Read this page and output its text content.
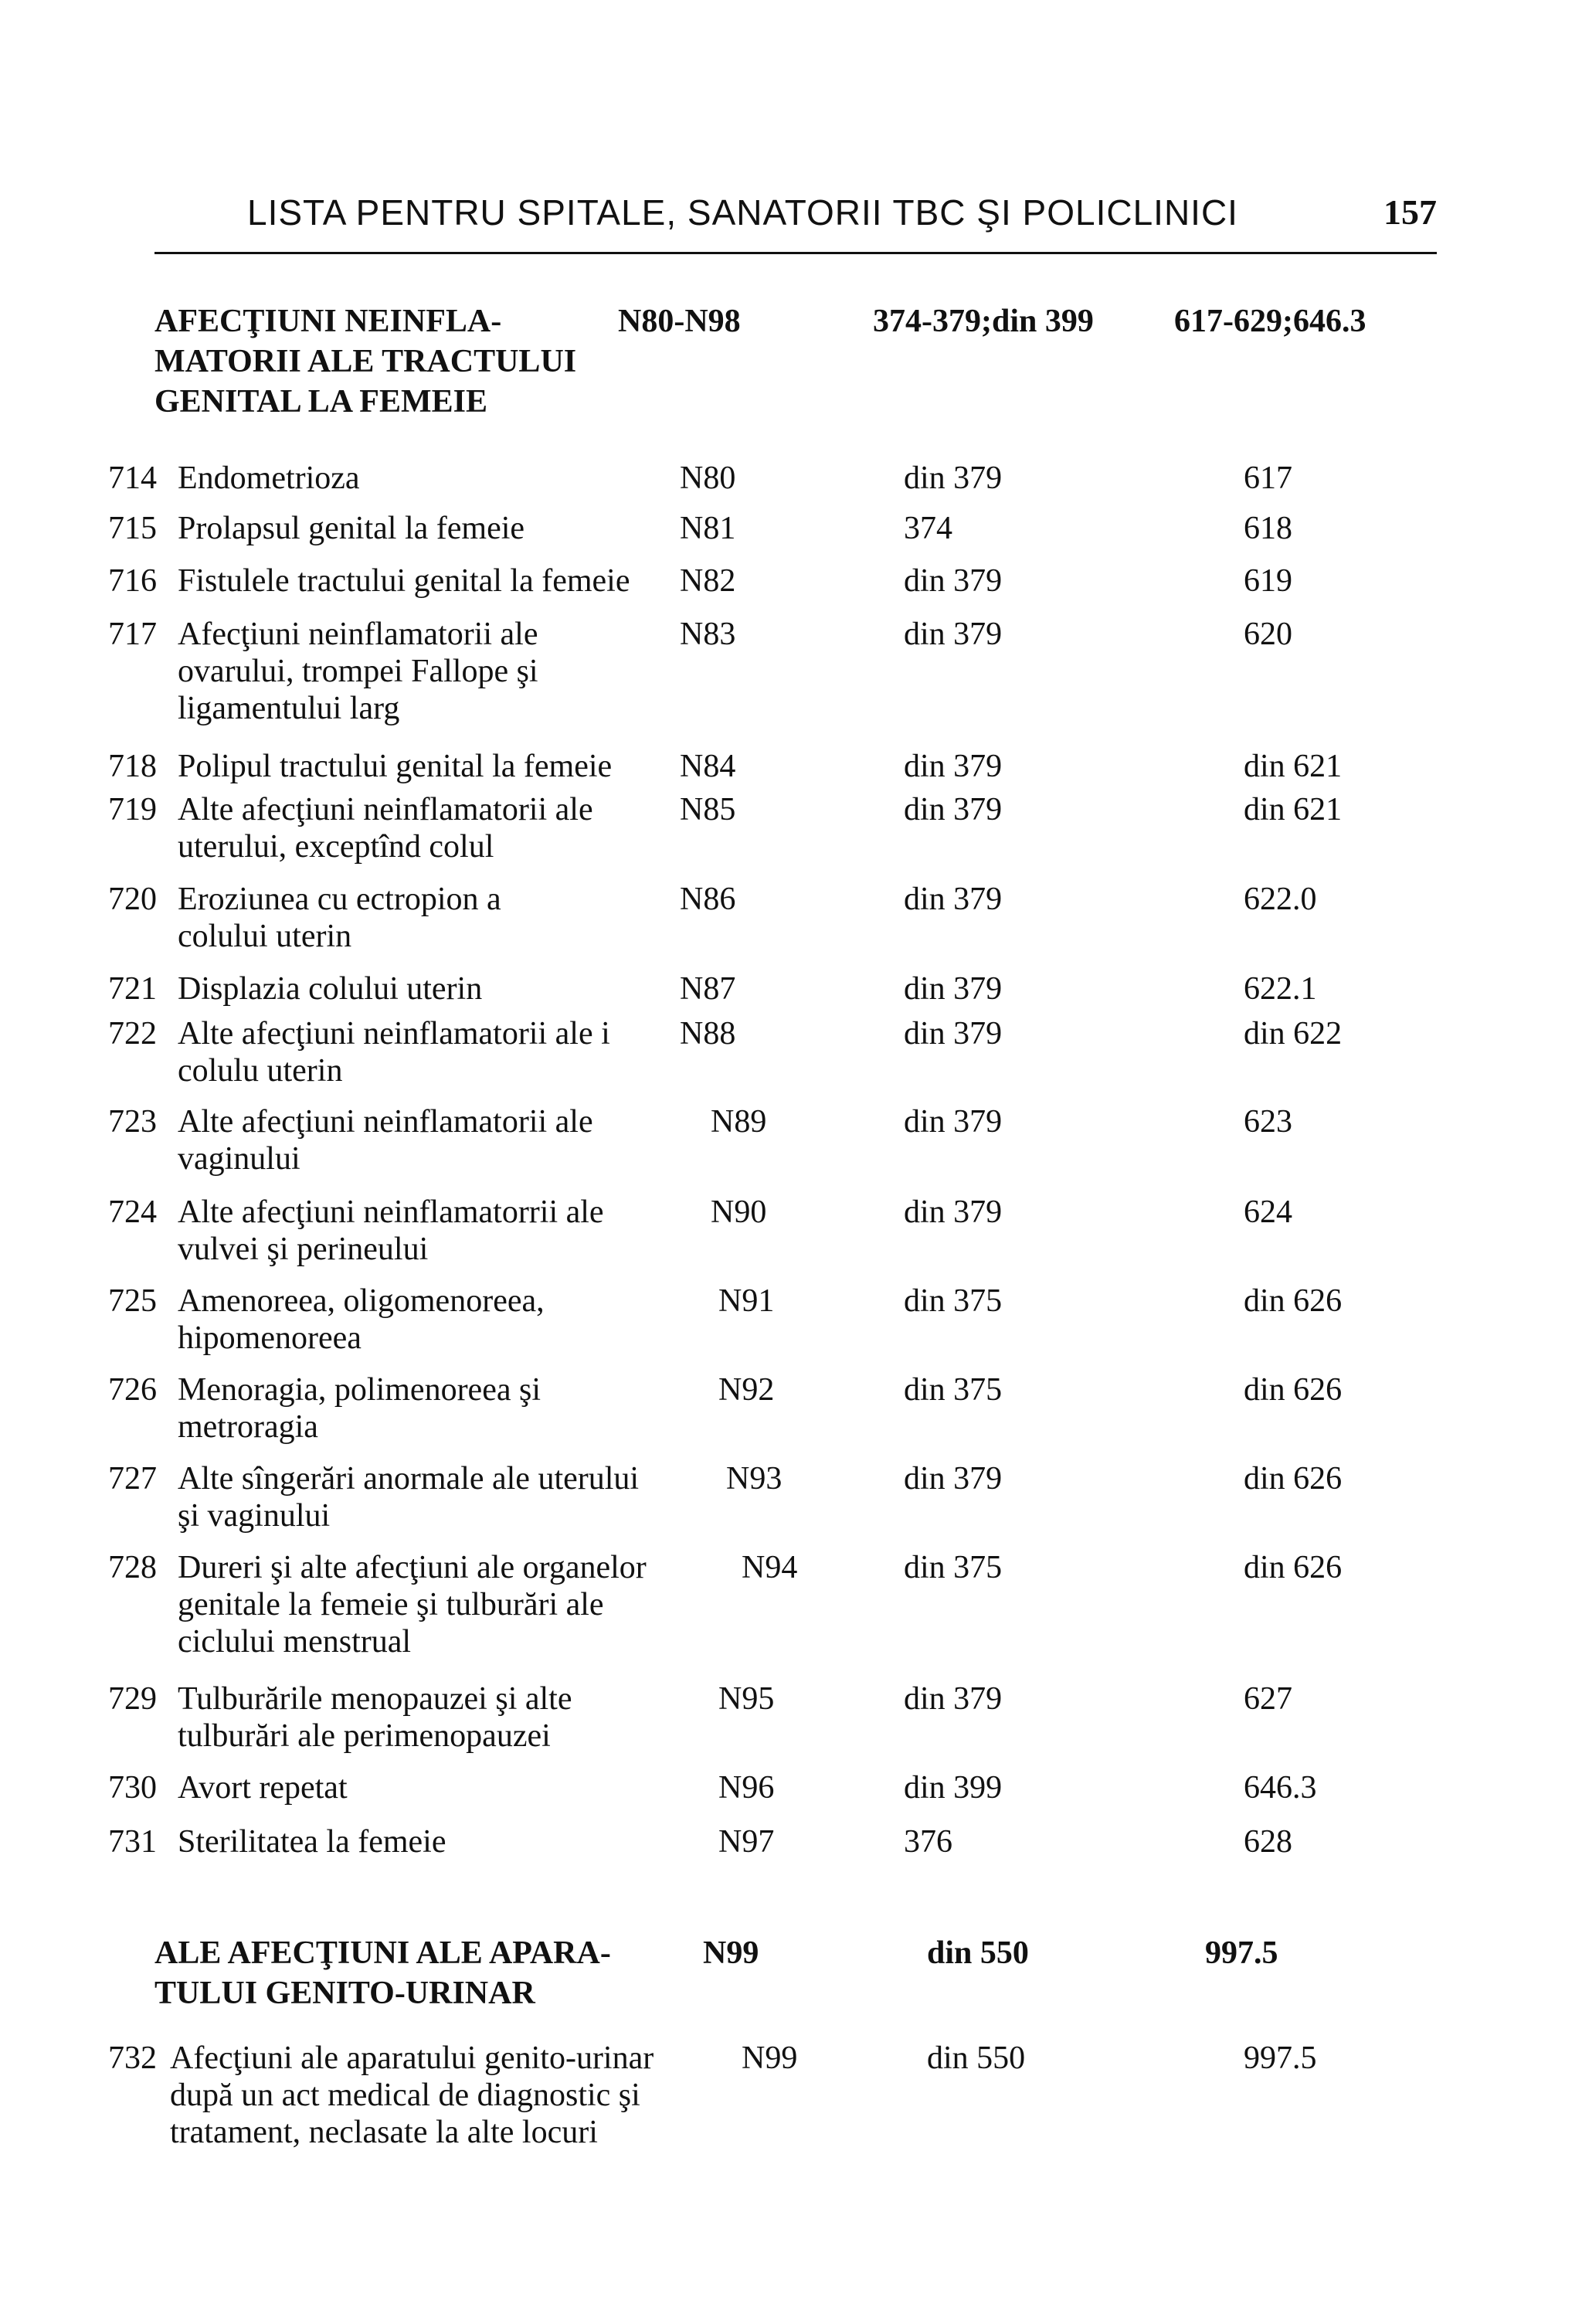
LISTA PENTRU SPITALE, SANATORII TBC ŞI POLICLINICI	157
AFECŢIUNI NEINFLA-
MATORII ALE TRACTULUI
GENITAL LA FEMEIE
N80-N98	374-379;din 399 617-629;646.3
714 Endometrioza	N80	din 379	617
715 Prolapsul genital la femeie	N81	374	618
716 Fistulele tractului genital la femeie	N82	din 379	619
717 Afecţiuni neinflamatorii ale
ovarului, trompei Fallope şi
ligamentului larg
N83	din 379	620
718 Polipul tractului genital la femeie	N84	din 379	din 621
719 Alte afecţiuni neinflamatorii ale
uterului, exceptînd colul
N85	din 379	din 621
720 Eroziunea cu ectropion a
colului uterin
N86	din 379	622.0
721 Displazia colului uterin	N87	din 379	622.1
722 Alte afecţiuni neinflamatorii ale i
colulu uterin
N88	din 379	din 622
723 Alte afecţiuni neinflamatorii ale
vaginului
N89	din 379	623
724 Alte afecţiuni neinflamatorrii ale
vulvei şi perineului
N90	din 379	624
725 Amenoreea, oligomenoreea,
hipomenoreea
N91	din 375	din 626
726 Menoragia, polimenoreea şi
metroragia
N92	din 375	din 626
727 Alte sîngerări anormale ale uterului
şi vaginului
N93	din 379	din 626
728 Dureri şi alte afecţiuni ale organelor
genitale la femeie şi tulburări ale
ciclului menstrual
N94	din 375	din 626
729 Tulburările menopauzei şi alte
tulburări ale perimenopauzei
N95	din 379	627
730 Avort repetat	N96	din 399	646.3
731 Sterilitatea la femeie	N97	376	628
ALE AFECŢIUNI ALE APARA-
TULUI GENITO-URINAR
N99	din 550	997.5
732 Afecţiuni ale aparatului genito-urinar
după un act medical de diagnostic şi
tratament, neclasate la alte locuri
N99	din 550	997.5
